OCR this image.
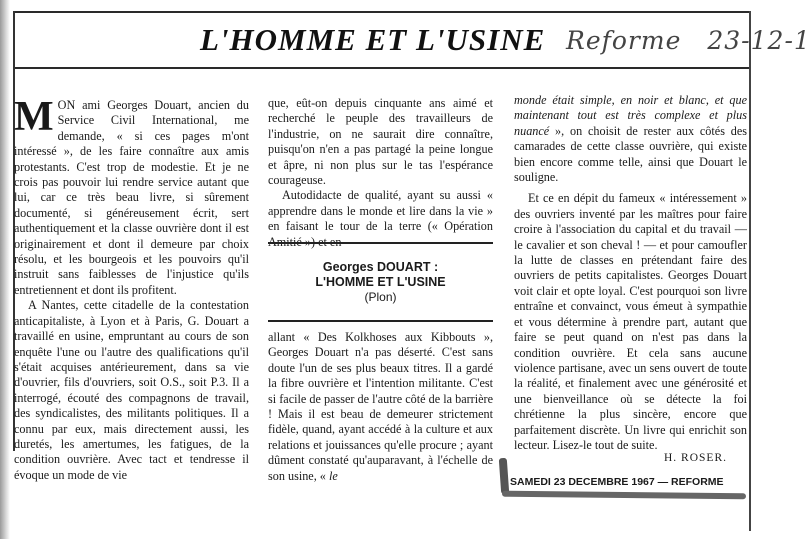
L'HOMME ET L'USINE Reforme 23-12-1

MON ami Georges Douart, ancien du Service Civil International, me demande, « si ces pages m'ont intéressé », de les faire connaître aux amis protestants. C'est trop de modestie. Et je ne crois pas pouvoir lui rendre service autant que lui, car ce très beau livre, si sûrement documenté, si généreusement écrit, sert authentiquement et la classe ouvrière dont il est originairement et dont il demeure par choix résolu, et les bourgeois et les pouvoirs qu'il instruit sans faiblesses de l'injustice qu'ils entretiennent et dont ils profitent.

A Nantes, cette citadelle de la contestation anticapitaliste, à Lyon et à Paris, G. Douart a travaillé en usine, empruntant au cours de son enquête l'une ou l'autre des qualifications qu'il s'était acquises antérieurement, dans sa vie d'ouvrier, fils d'ouvriers, soit O.S., soit P.3. Il a interrogé, écouté des compagnons de travail, des syndicalistes, des militants politiques. Il a connu par eux, mais directement aussi, les duretés, les amertumes, les fatigues, de la condition ouvrière. Avec tact et tendresse il évoque un mode de vie

que, eût-on depuis cinquante ans aimé et recherché le peuple des travailleurs de l'industrie, on ne saurait dire connaître, puisqu'on n'en a pas partagé la peine longue et âpre, ni non plus sur le tas l'espérance courageuse.

Autodidacte de qualité, ayant su aussi « apprendre dans le monde et lire dans la vie » en faisant le tour de la terre (« Opération

Georges DOUART :
L'HOMME ET L'USINE
(Plon)

allant « Des Kolkhoses aux Kibbouts », Georges Douart n'a pas déserté. C'est sans doute l'un de ses plus beaux titres. Il a gardé la fibre ouvrière et l'intention militante. C'est si facile de passer de l'autre côté de la barrière ! Mais il est beau de demeurer strictement fidèle, quand, ayant accédé à la culture et aux relations et jouissances qu'elle procure ; ayant dûment constaté qu'auparavant, à l'échelle de son usine, « le

monde était simple, en noir et blanc, et que maintenant tout est très complexe et plus nuancé », on choisit de rester aux côtés des camarades de cette classe ouvrière, qui existe bien encore comme telle, ainsi que Douart le souligne.

Et ce en dépit du fameux « intéressement » des ouvriers inventé par les maîtres pour faire croire à l'association du capital et du travail — le cavalier et son cheval ! — et pour camoufler la lutte de classes en prétendant faire des ouvriers de petits capitalistes. Georges Douart voit clair et opte loyal. C'est pourquoi son livre entraîne et convainct, vous émeut à sympathie et vous détermine à prendre part, autant que faire se peut quand on n'est pas dans la condition ouvrière. Et cela sans aucune violence partisane, avec un sens ouvert de toute la réalité, et finalement avec une générosité et une bienveillance où se détecte la foi chrétienne la plus sincère, encore que parfaitement discrète. Un livre qui enrichit son lecteur. Lisez-le tout de suite.

H. ROSER.
SAMEDI 23 DECEMBRE 1967 — REFORME
